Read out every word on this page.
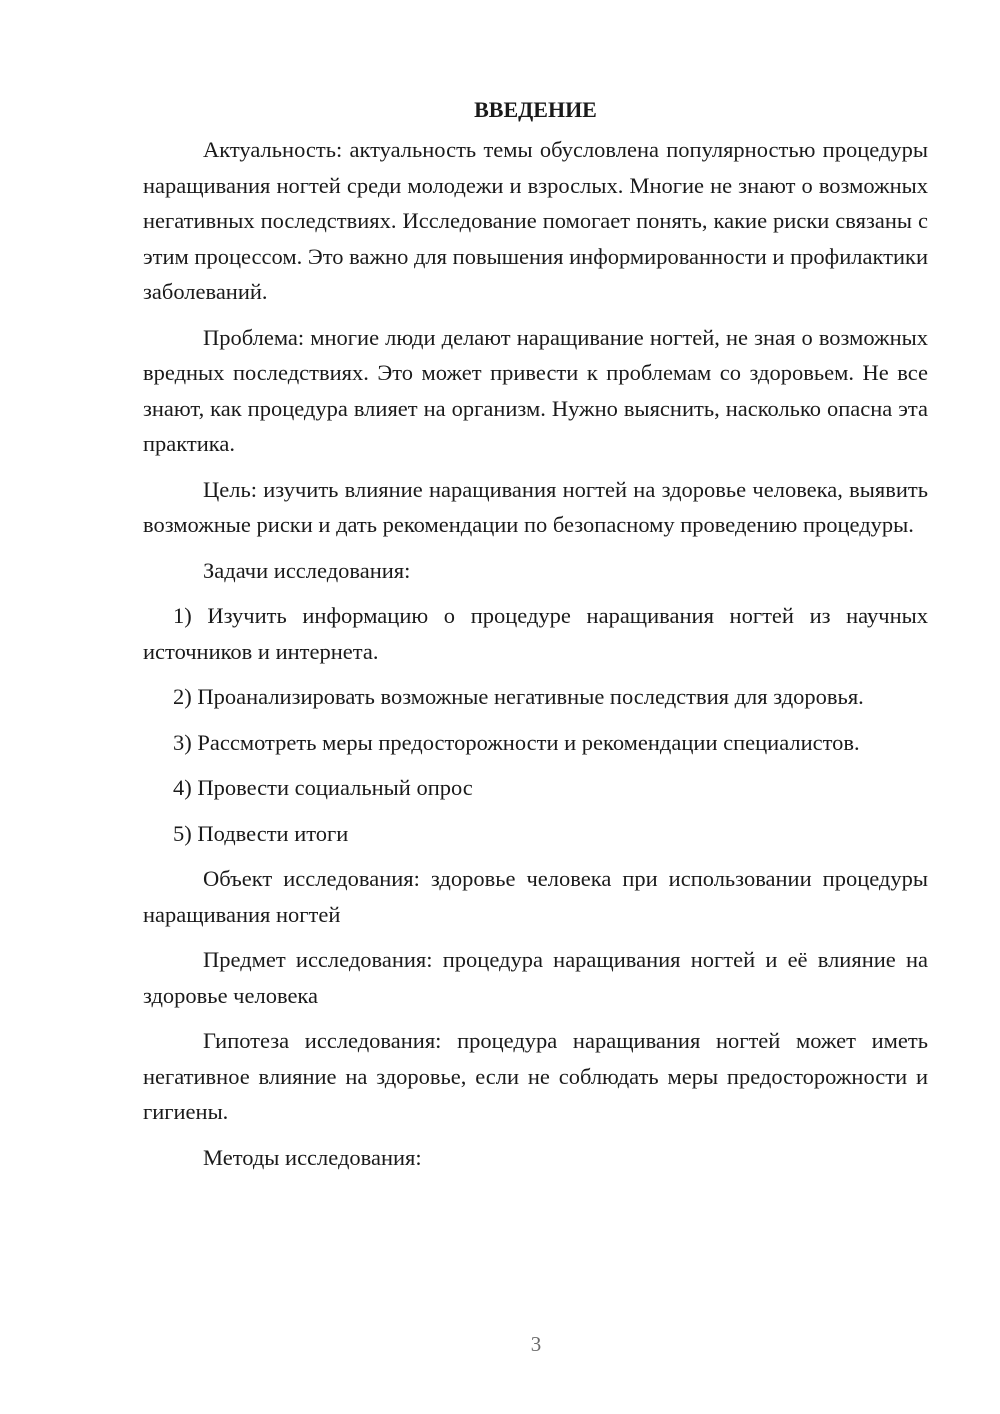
ВВЕДЕНИЕ

Актуальность: актуальность темы обусловлена популярностью процедуры наращивания ногтей среди молодежи и взрослых. Многие не знают о возможных негативных последствиях. Исследование помогает понять, какие риски связаны с этим процессом. Это важно для повышения информированности и профилактики заболеваний.

Проблема: многие люди делают наращивание ногтей, не зная о возможных вредных последствиях. Это может привести к проблемам со здоровьем. Не все знают, как процедура влияет на организм. Нужно выяснить, насколько опасна эта практика.

Цель: изучить влияние наращивания ногтей на здоровье человека, выявить возможные риски и дать рекомендации по безопасному проведению процедуры.

Задачи исследования:

1) Изучить информацию о процедуре наращивания ногтей из научных источников и интернета.

2) Проанализировать возможные негативные последствия для здоровья.

3) Рассмотреть меры предосторожности и рекомендации специалистов.

4) Провести социальный опрос

5) Подвести итоги

Объект исследования: здоровье человека при использовании процедуры наращивания ногтей

Предмет исследования: процедура наращивания ногтей и её влияние на здоровье человека

Гипотеза исследования: процедура наращивания ногтей может иметь негативное влияние на здоровье, если не соблюдать меры предосторожности и гигиены.

Методы исследования:

3
